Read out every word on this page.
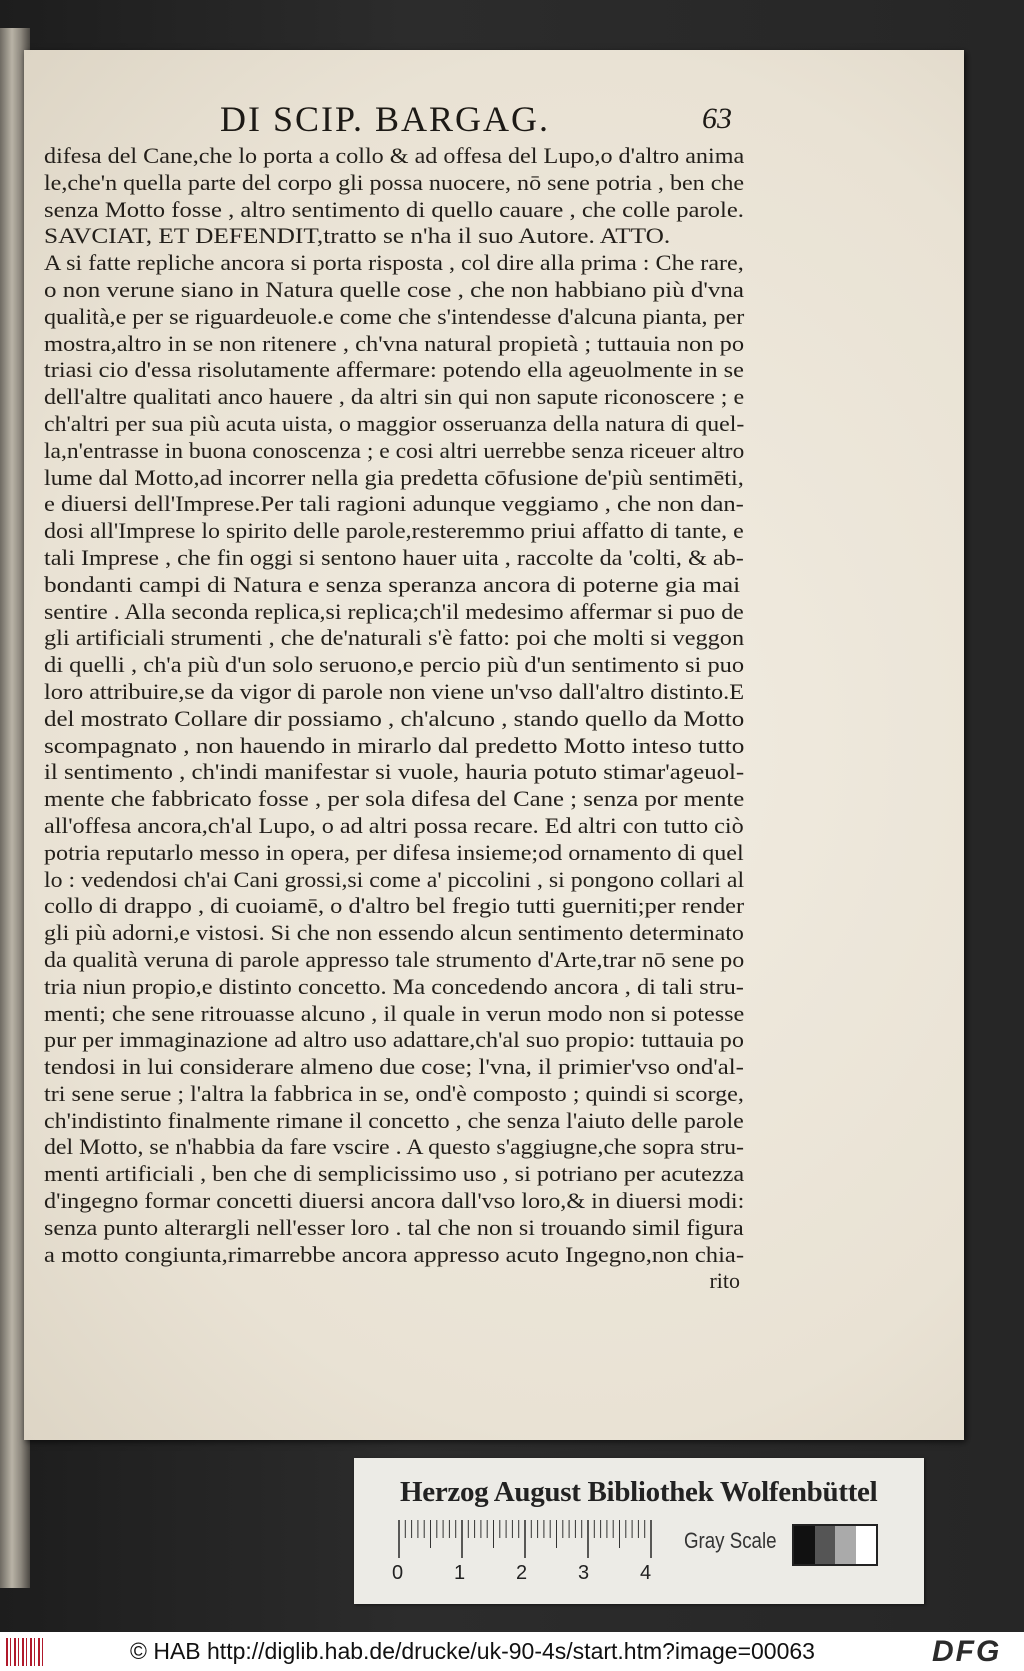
DI SCIP. BARGAG.	63
difesa del Cane,che lo porta a collo & ad offesa del Lupo,o d'altro anima
le,che'n quella parte del corpo gli possa nuocere, nō sene potria , ben che
senza Motto fosse , altro sentimento di quello cauare , che colle parole.
SAVCIAT, ET DEFENDIT,tratto se n'ha il suo Autore. ATTO.
A si fatte repliche ancora si porta risposta , col dire alla prima : Che rare,
o non verune siano in Natura quelle cose , che non habbiano più d'vna
qualità,e per se riguardeuole.e come che s'intendesse d'alcuna pianta, per
mostra,altro in se non ritenere , ch'vna natural propietà ; tuttauia non po
triasi cio d'essa risolutamente affermare: potendo ella ageuolmente in se
dell'altre qualitati anco hauere , da altri sin qui non sapute riconoscere ; e
ch'altri per sua più acuta uista, o maggior osseruanza della natura di quel-
la,n'entrasse in buona conoscenza ; e cosi altri uerrebbe senza riceuer altro
lume dal Motto,ad incorrer nella gia predetta cōfusione de'più sentimēti,
e diuersi dell'Imprese.Per tali ragioni adunque veggiamo , che non dan-
dosi all'Imprese lo spirito delle parole,resteremmo priui affatto di tante, e
tali Imprese , che fin oggi si sentono hauer uita , raccolte da 'colti, & ab-
bondanti campi di Natura e senza speranza ancora di poterne gia mai
sentire . Alla seconda replica,si replica;ch'il medesimo affermar si puo de
gli artificiali strumenti , che de'naturali s'è fatto: poi che molti si veggon
di quelli , ch'a più d'un solo seruono,e percio più d'un sentimento si puo
loro attribuire,se da vigor di parole non viene un'vso dall'altro distinto.E
del mostrato Collare dir possiamo , ch'alcuno , stando quello da Motto
scompagnato , non hauendo in mirarlo dal predetto Motto inteso tutto
il sentimento , ch'indi manifestar si vuole, hauria potuto stimar'ageuol-
mente che fabbricato fosse , per sola difesa del Cane ; senza por mente
all'offesa ancora,ch'al Lupo, o ad altri possa recare. Ed altri con tutto ciò
potria reputarlo messo in opera, per difesa insieme;od ornamento di quel
lo : vedendosi ch'ai Cani grossi,si come a' piccolini , si pongono collari al
collo di drappo , di cuoiamē, o d'altro bel fregio tutti guerniti;per render
gli più adorni,e vistosi. Si che non essendo alcun sentimento determinato
da qualità veruna di parole appresso tale strumento d'Arte,trar nō sene po
tria niun propio,e distinto concetto. Ma concedendo ancora , di tali stru-
menti; che sene ritrouasse alcuno , il quale in verun modo non si potesse
pur per immaginazione ad altro uso adattare,ch'al suo propio: tuttauia po
tendosi in lui considerare almeno due cose; l'vna, il primier'vso ond'al-
tri sene serue ; l'altra la fabbrica in se, ond'è composto ; quindi si scorge,
ch'indistinto finalmente rimane il concetto , che senza l'aiuto delle parole
del Motto, se n'habbia da fare vscire . A questo s'aggiugne,che sopra stru-
menti artificiali , ben che di semplicissimo uso , si potriano per acutezza
d'ingegno formar concetti diuersi ancora dall'vso loro,& in diuersi modi:
senza punto alterargli nell'esser loro . tal che non si trouando simil figura
a motto congiunta,rimarrebbe ancora appresso acuto Ingegno,non chia-
rito
Herzog August Bibliothek Wolfenbüttel
0	1	2	3	4
Gray Scale
© HAB http://diglib.hab.de/drucke/uk-90-4s/start.htm?image=00063	DFG
